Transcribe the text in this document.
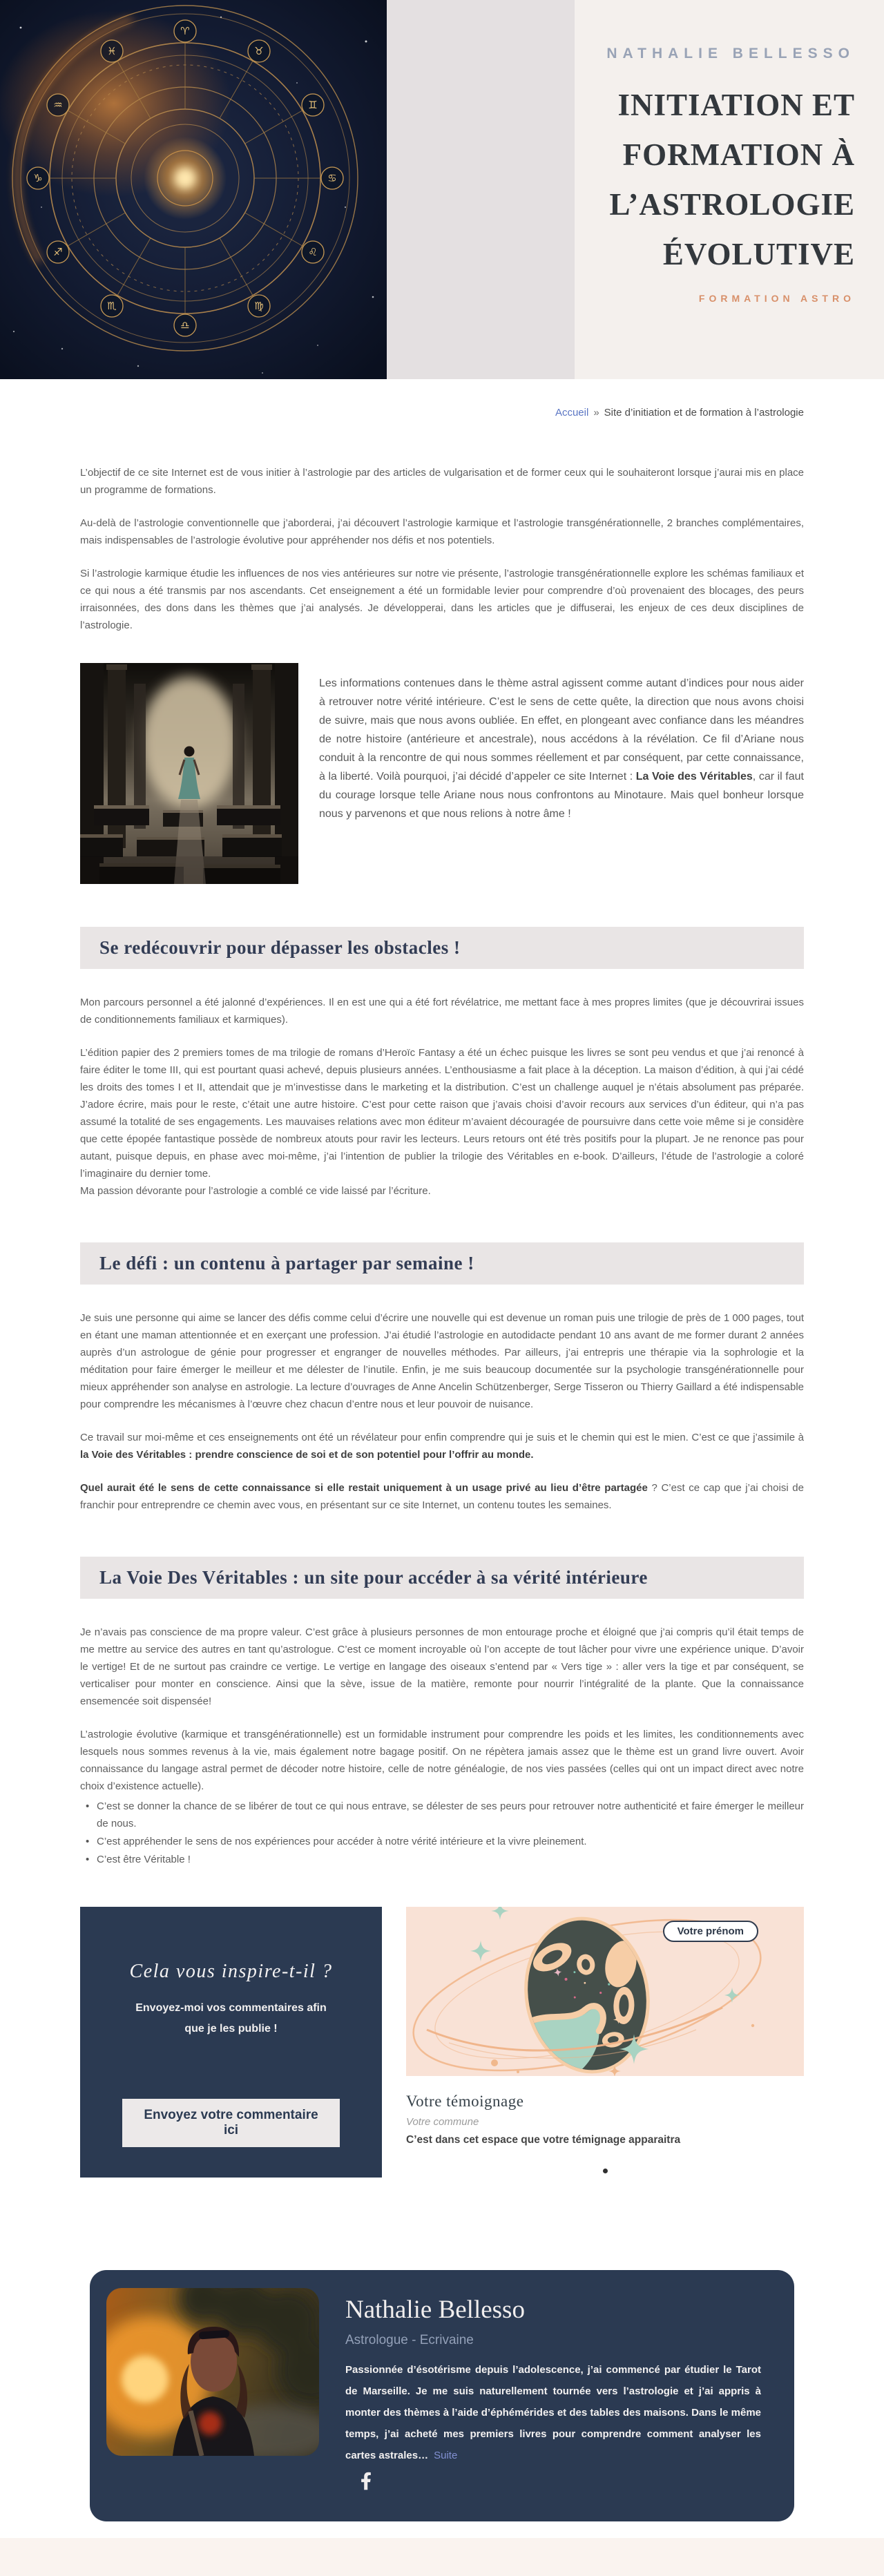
♈
♉
♊
♋
♌
♍
♎
♏
♐
♑
♒
♓	NATHALIE BELLESSO
INITIATION ET
FORMATION À
L’ASTROLOGIE
ÉVOLUTIVE
FORMATION ASTRO
Accueil » Site d’initiation et de formation à l’astrologie

L’objectif de ce site Internet est de vous initier à l’astrologie par des articles de vulgarisation et de former ceux qui le souhaiteront lorsque j’aurai mis en place un programme de formations.

Au-delà de l’astrologie conventionnelle que j’aborderai, j’ai découvert l’astrologie karmique et l’astrologie transgénérationnelle, 2 branches complémentaires, mais indispensables de l’astrologie évolutive pour appréhender nos défis et nos potentiels.

Si l’astrologie karmique étudie les influences de nos vies antérieures sur notre vie présente, l’astrologie transgénérationnelle explore les schémas familiaux et ce qui nous a été transmis par nos ascendants. Cet enseignement a été un formidable levier pour comprendre d’où provenaient des blocages, des peurs irraisonnées, des dons dans les thèmes que j’ai analysés. Je développerai, dans les articles que je diffuserai, les enjeux de ces deux disciplines de l’astrologie.

Les informations contenues dans le thème astral agissent comme autant d’indices pour nous aider à retrouver notre vérité intérieure. C’est le sens de cette quête, la direction que nous avons choisi de suivre, mais que nous avons oubliée. En effet, en plongeant avec confiance dans les méandres de notre histoire (antérieure et ancestrale), nous accédons à la révélation. Ce fil d’Ariane nous conduit à la rencontre de qui nous sommes réellement et par conséquent, par cette connaissance, à la liberté. Voilà pourquoi, j’ai décidé d’appeler ce site Internet : La Voie des Véritables, car il faut du courage lorsque telle Ariane nous nous confrontons au Minotaure. Mais quel bonheur lorsque nous y parvenons et que nous relions à notre âme !
Se redécouvrir pour dépasser les obstacles !

Mon parcours personnel a été jalonné d’expériences. Il en est une qui a été fort révélatrice, me mettant face à mes propres limites (que je découvrirai issues de conditionnements familiaux et karmiques).

L’édition papier des 2 premiers tomes de ma trilogie de romans d’Heroïc Fantasy a été un échec puisque les livres se sont peu vendus et que j’ai renoncé à faire éditer le tome III, qui est pourtant quasi achevé, depuis plusieurs années. L’enthousiasme a fait place à la déception. La maison d’édition, à qui j’ai cédé les droits des tomes I et II, attendait que je m’investisse dans le marketing et la distribution. C’est un challenge auquel je n’étais absolument pas préparée. J’adore écrire, mais pour le reste, c’était une autre histoire. C’est pour cette raison que j’avais choisi d’avoir recours aux services d’un éditeur, qui n’a pas assumé la totalité de ses engagements. Les mauvaises relations avec mon éditeur m’avaient découragée de poursuivre dans cette voie même si je considère que cette épopée fantastique possède de nombreux atouts pour ravir les lecteurs. Leurs retours ont été très positifs pour la plupart. Je ne renonce pas pour autant, puisque depuis, en phase avec moi-même, j’ai l’intention de publier la trilogie des Véritables en e-book. D’ailleurs, l’étude de l’astrologie a coloré l’imaginaire du dernier tome.
Ma passion dévorante pour l’astrologie a comblé ce vide laissé par l’écriture.

Le défi : un contenu à partager par semaine !

Je suis une personne qui aime se lancer des défis comme celui d’écrire une nouvelle qui est devenue un roman puis une trilogie de près de 1 000 pages, tout en étant une maman attentionnée et en exerçant une profession. J’ai étudié l’astrologie en autodidacte pendant 10 ans avant de me former durant 2 années auprès d’un astrologue de génie pour progresser et engranger de nouvelles méthodes. Par ailleurs, j’ai entrepris une thérapie via la sophrologie et la méditation pour faire émerger le meilleur et me délester de l’inutile. Enfin, je me suis beaucoup documentée sur la psychologie transgénérationnelle pour mieux appréhender son analyse en astrologie. La lecture d’ouvrages de Anne Ancelin Schützenberger, Serge Tisseron ou Thierry Gaillard a été indispensable pour comprendre les mécanismes à l’œuvre chez chacun d’entre nous et leur pouvoir de nuisance.

Ce travail sur moi-même et ces enseignements ont été un révélateur pour enfin comprendre qui je suis et le chemin qui est le mien. C’est ce que j’assimile à la Voie des Véritables : prendre conscience de soi et de son potentiel pour l’offrir au monde.

Quel aurait été le sens de cette connaissance si elle restait uniquement à un usage privé au lieu d’être partagée ? C’est ce cap que j’ai choisi de franchir pour entreprendre ce chemin avec vous, en présentant sur ce site Internet, un contenu toutes les semaines.

La Voie Des Véritables : un site pour accéder à sa vérité intérieure

Je n’avais pas conscience de ma propre valeur. C’est grâce à plusieurs personnes de mon entourage proche et éloigné que j’ai compris qu’il était temps de me mettre au service des autres en tant qu’astrologue. C’est ce moment incroyable où l’on accepte de tout lâcher pour vivre une expérience unique. D’avoir le vertige! Et de ne surtout pas craindre ce vertige. Le vertige en langage des oiseaux s’entend par « Vers tige » : aller vers la tige et par conséquent, se verticaliser pour monter en conscience. Ainsi que la sève, issue de la matière, remonte pour nourrir l’intégralité de la plante. Que la connaissance ensemencée soit dispensée!

L’astrologie évolutive (karmique et transgénérationnelle) est un formidable instrument pour comprendre les poids et les limites, les conditionnements avec lesquels nous sommes revenus à la vie, mais également notre bagage positif. On ne répètera jamais assez que le thème est un grand livre ouvert. Avoir connaissance du langage astral permet de décoder notre histoire, celle de notre généalogie, de nos vies passées (celles qui ont un impact direct avec notre choix d’existence actuelle).

• C’est se donner la chance de se libérer de tout ce qui nous entrave, se délester de ses peurs pour retrouver notre authenticité et faire émerger le meilleur de nous.
• C’est appréhender le sens de nos expériences pour accéder à notre vérité intérieure et la vivre pleinement.
• C’est être Véritable !
Cela vous inspire-t-il ?
Envoyez-moi vos commentaires afin que je les publie !
Envoyez votre commentaire ici
Votre prénom
Votre témoignage
Votre commune
C’est dans cet espace que votre témignage apparaitra
Nathalie Bellesso
Astrologue - Ecrivaine
Passionnée d’ésotérisme depuis l’adolescence, j’ai commencé par étudier le Tarot de Marseille. Je me suis naturellement tournée vers l’astrologie et j’ai appris à monter des thèmes à l’aide d’éphémérides et des tables des maisons. Dans le même temps, j’ai acheté mes premiers livres pour comprendre comment analyser les cartes astrales… Suite
